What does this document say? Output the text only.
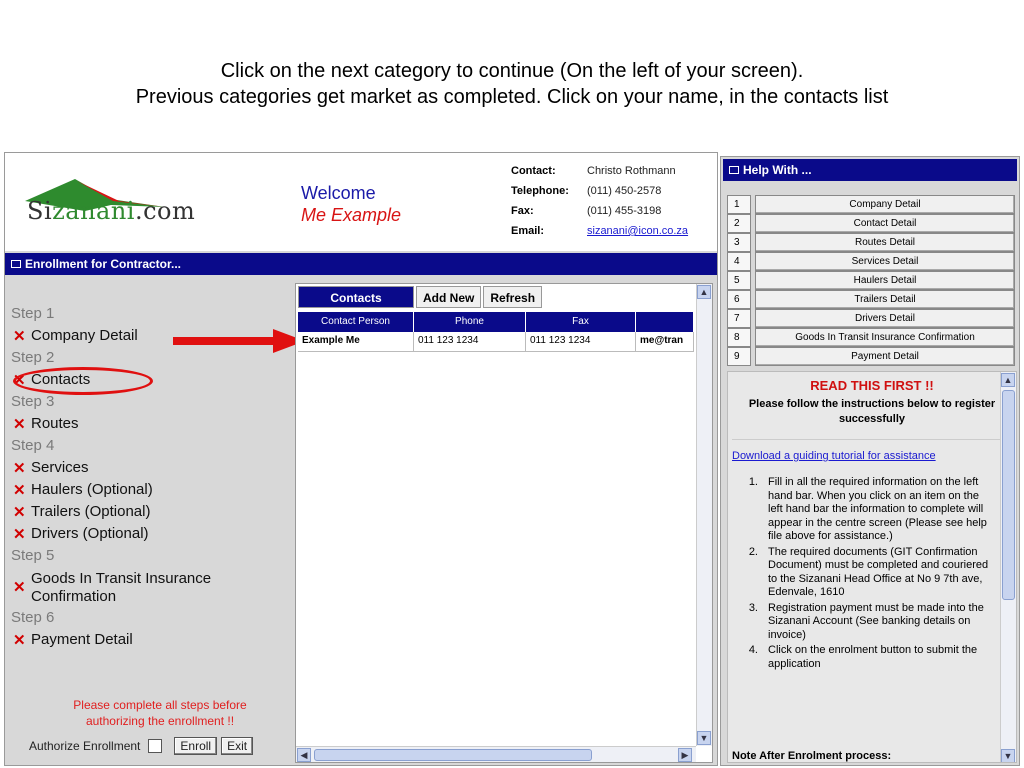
Click on the next category to continue (On the left of your screen).
Previous categories get market as completed. Click on your name, in the contacts list
Sizanani.com
Welcome
Me Example
Contact:	Christo Rothmann
Telephone: (011) 450-2578
Fax:	(011) 455-3198
Email:	sizanani@icon.co.za
Enrollment for Contractor...
Step 1
✕ Company Detail
Step 2
✕ Contacts
Step 3
✕ Routes
Step 4
✕ Services
✕ Haulers (Optional)
✕ Trailers (Optional)
✕ Drivers (Optional)
Step 5
✕
Goods In Transit Insurance Confirmation
Step 6
✕ Payment Detail
Please complete all steps before
authorizing the enrollment !!
Authorize Enrollment	Enroll	Exit
Contacts	Add New	Refresh
Contact Person	Phone	Fax
Example Me	011 123 1234	011 123 1234	me@tran
▲
▼
◀	▶
Help With ...
1	Company Detail
2	Contact Detail
3	Routes Detail
4	Services Detail
5	Haulers Detail
6	Trailers Detail
7	Drivers Detail
8	Goods In Transit Insurance Confirmation
9	Payment Detail
READ THIS FIRST !!
Please follow the instructions below to register successfully
Download a guiding tutorial for assistance
1. Fill in all the required information on the left hand bar. When you click on an item on the left hand bar the information to complete will appear in the centre screen (Please see help file above for assistance.)
2. The required documents (GIT Confirmation Document) must be completed and couriered to the Sizanani Head Office at No 9 7th ave, Edenvale, 1610
3. Registration payment must be made into the Sizanani Account (See banking details on invoice)
4. Click on the enrolment button to submit the application
Note After Enrolment process:
▲
▼
